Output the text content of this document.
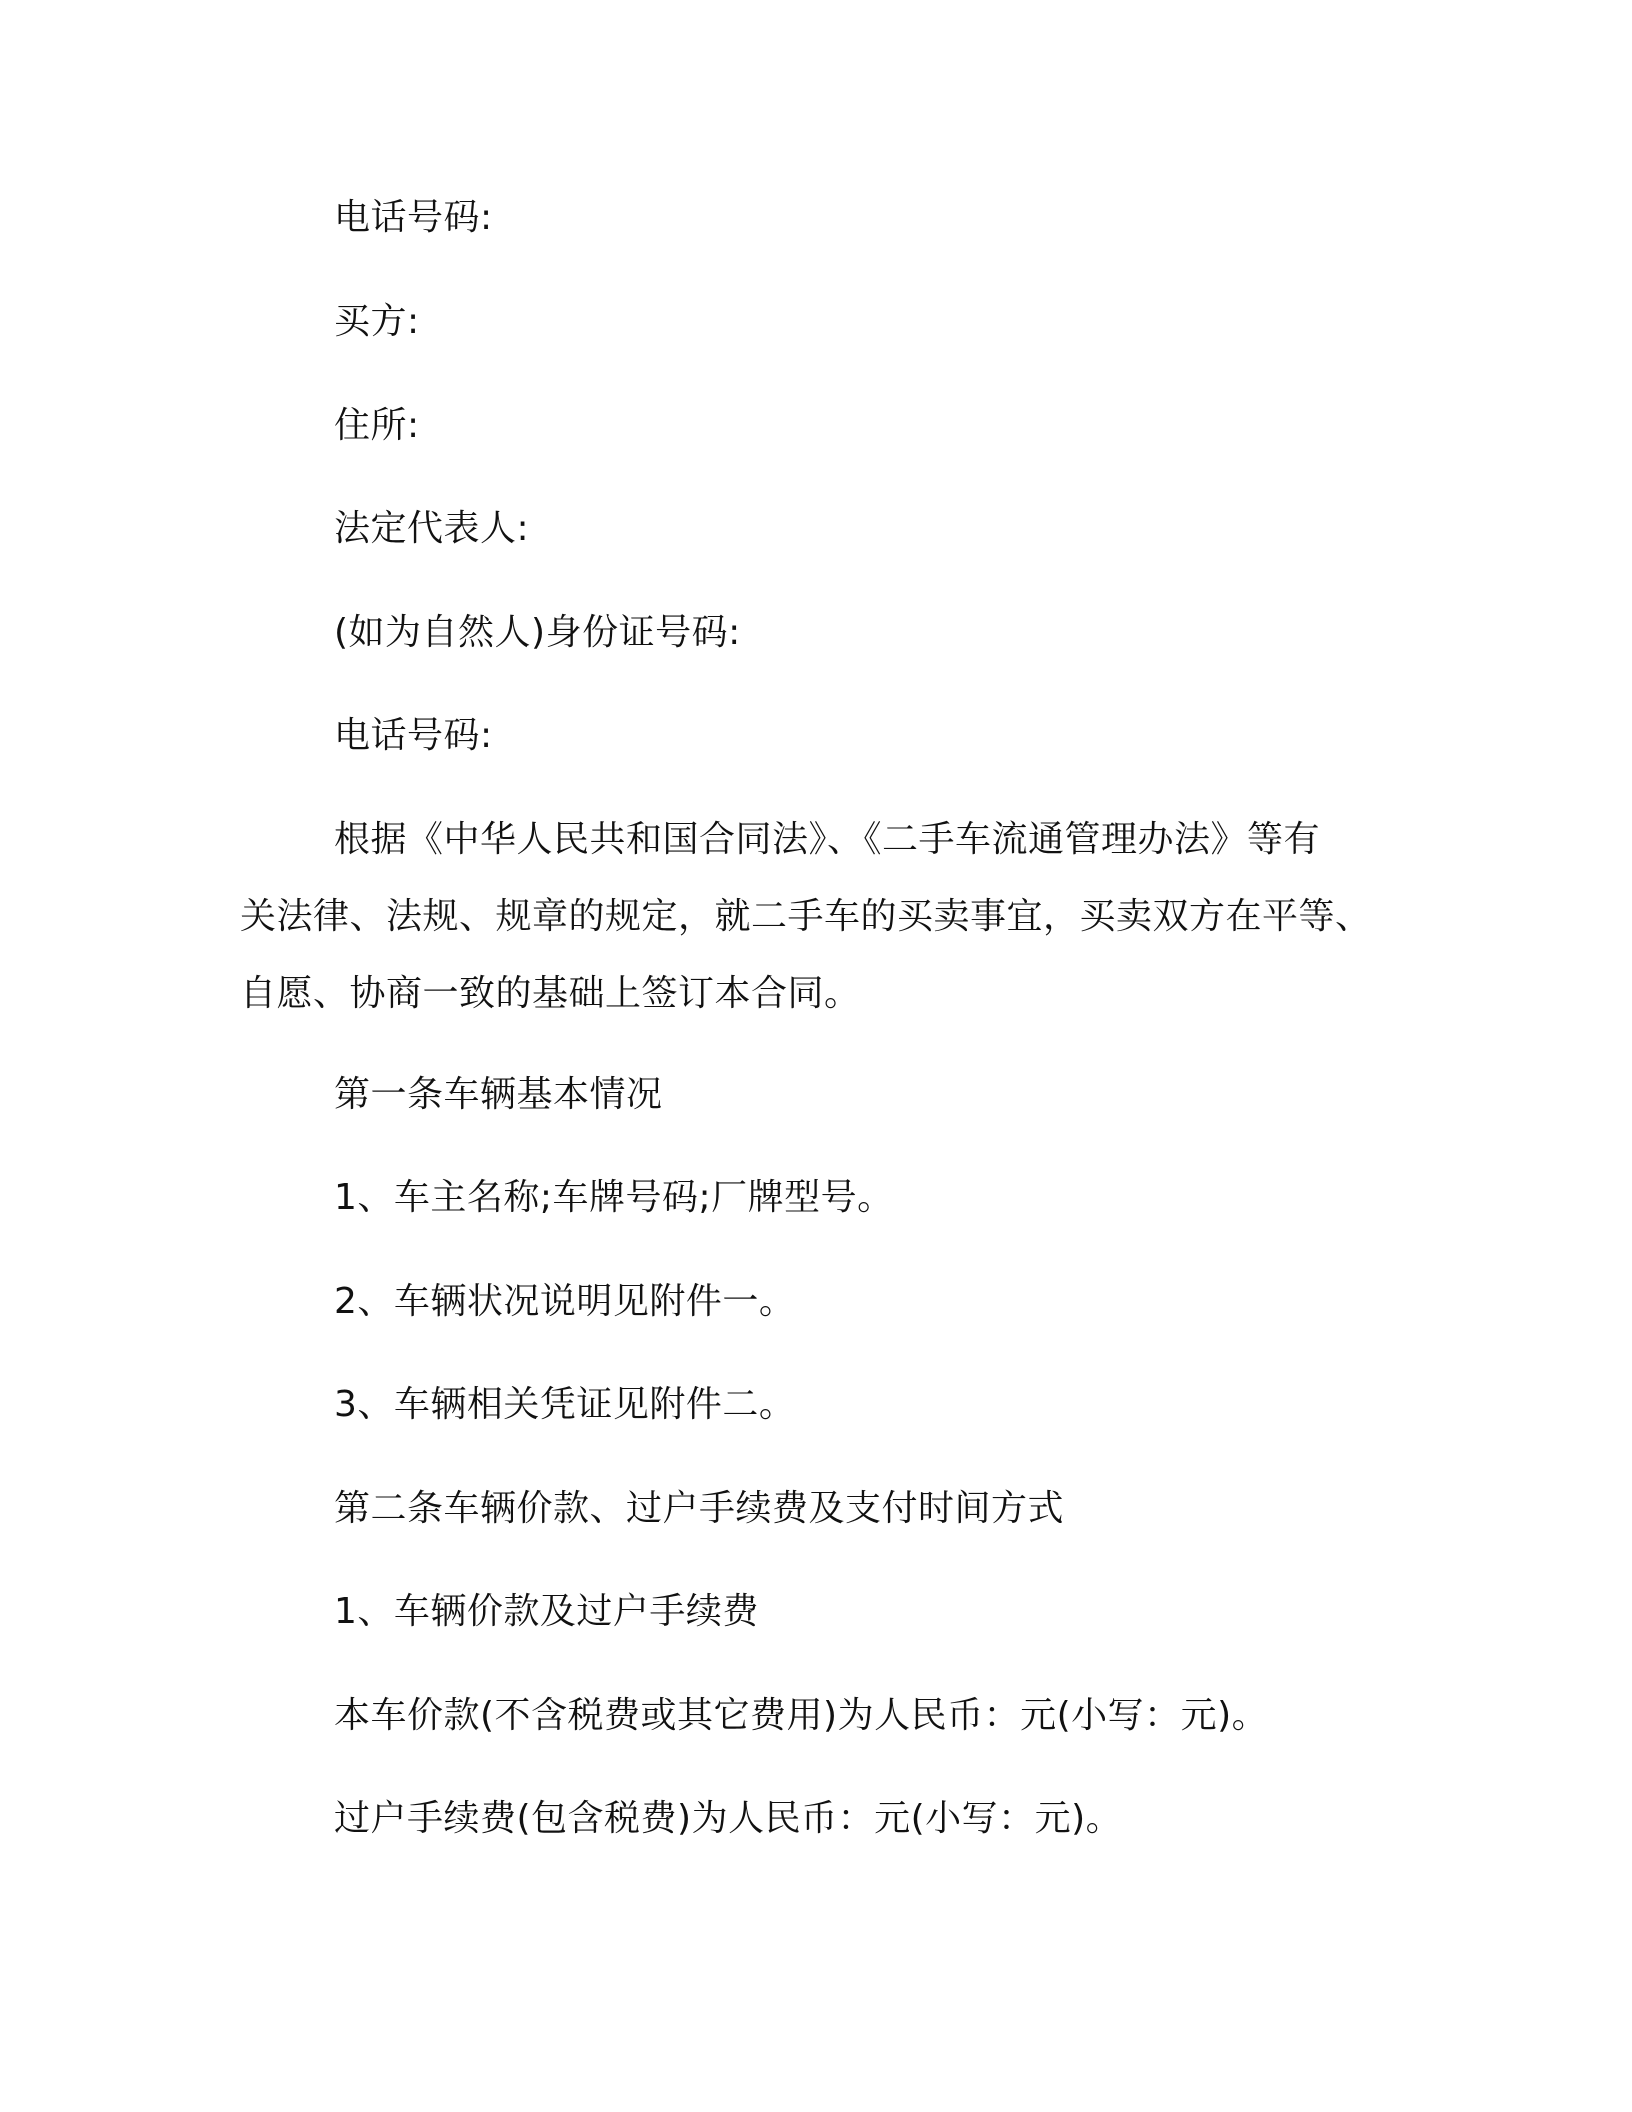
电话号码:
买方:
住所:
法定代表人:
(如为自然人)身份证号码:
电话号码:
根据《中华人民共和国合同法》、《二手车流通管理办法》等有
关法律、法规、规章的规定，就二手车的买卖事宜，买卖双方在平等、
自愿、协商一致的基础上签订本合同。
第一条车辆基本情况
1、车主名称;车牌号码;厂牌型号。
2、车辆状况说明见附件一。
3、车辆相关凭证见附件二。
第二条车辆价款、过户手续费及支付时间方式
1、车辆价款及过户手续费
本车价款(不含税费或其它费用)为人民币：元(小写：元)。
过户手续费(包含税费)为人民币：元(小写：元)。
